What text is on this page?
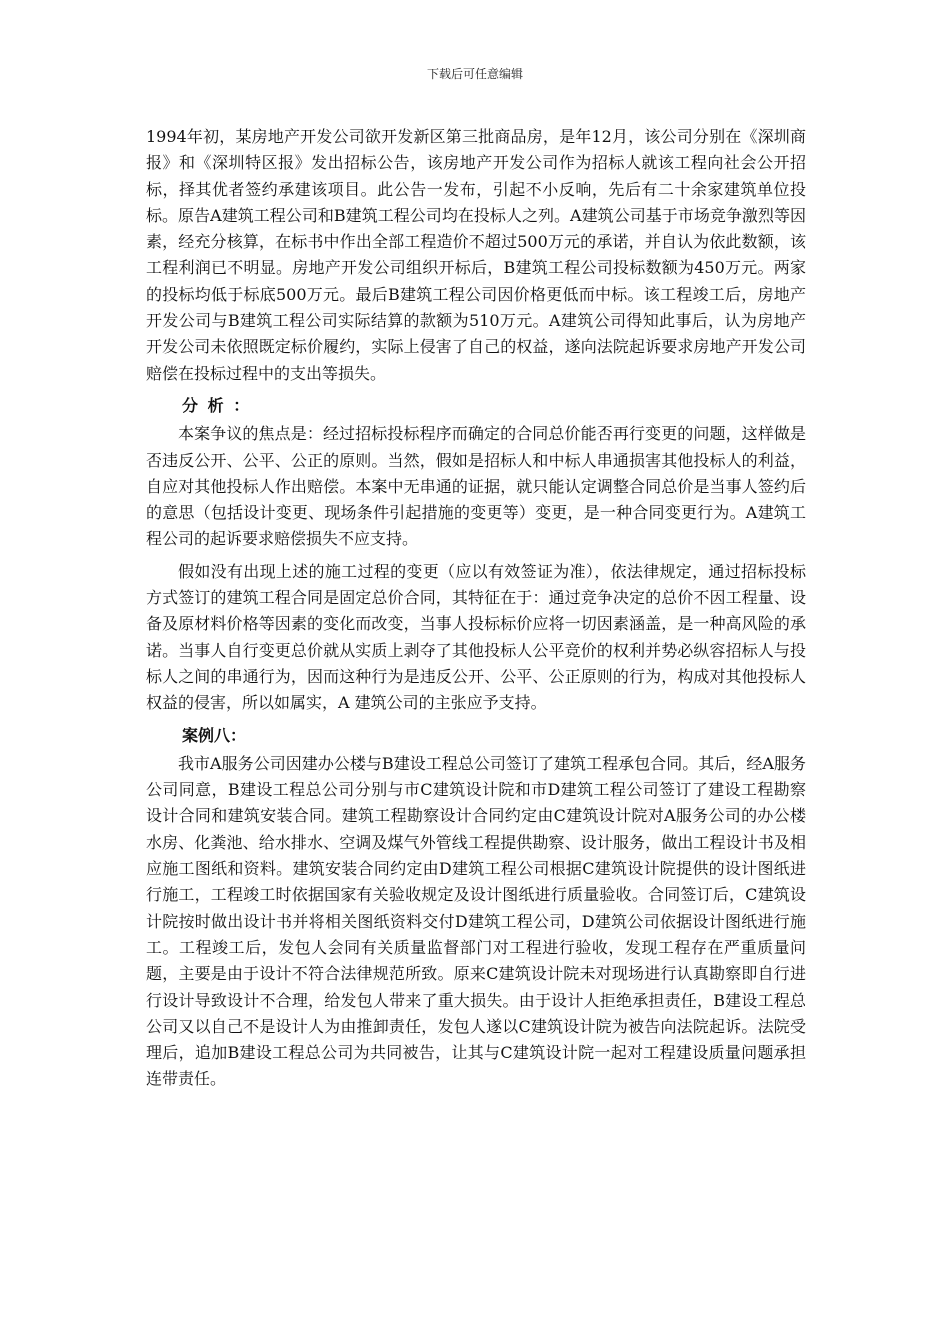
下载后可任意编辑

1994年初，某房地产开发公司欲开发新区第三批商品房，是年12月，该公司分别在《深圳商报》和《深圳特区报》发出招标公告，该房地产开发公司作为招标人就该工程向社会公开招标，择其优者签约承建该项目。此公告一发布，引起不小反响，先后有二十余家建筑单位投标。原告A建筑工程公司和B建筑工程公司均在投标人之列。A建筑公司基于市场竞争激烈等因素，经充分核算，在标书中作出全部工程造价不超过500万元的承诺，并自认为依此数额，该工程利润已不明显。房地产开发公司组织开标后，B建筑工程公司投标数额为450万元。两家的投标均低于标底500万元。最后B建筑工程公司因价格更低而中标。该工程竣工后，房地产开发公司与B建筑工程公司实际结算的款额为510万元。A建筑公司得知此事后，认为房地产开发公司未依照既定标价履约，实际上侵害了自己的权益，遂向法院起诉要求房地产开发公司赔偿在投标过程中的支出等损失。

分析：

本案争议的焦点是：经过招标投标程序而确定的合同总价能否再行变更的问题，这样做是否违反公开、公平、公正的原则。当然，假如是招标人和中标人串通损害其他投标人的利益，自应对其他投标人作出赔偿。本案中无串通的证据，就只能认定调整合同总价是当事人签约后的意思（包括设计变更、现场条件引起措施的变更等）变更，是一种合同变更行为。A建筑工程公司的起诉要求赔偿损失不应支持。

假如没有出现上述的施工过程的变更（应以有效签证为准），依法律规定，通过招标投标方式签订的建筑工程合同是固定总价合同，其特征在于：通过竞争决定的总价不因工程量、设备及原材料价格等因素的变化而改变，当事人投标标价应将一切因素涵盖，是一种高风险的承诺。当事人自行变更总价就从实质上剥夺了其他投标人公平竞价的权利并势必纵容招标人与投标人之间的串通行为，因而这种行为是违反公开、公平、公正原则的行为，构成对其他投标人权益的侵害，所以如属实，A 建筑公司的主张应予支持。

案例八：

我市A服务公司因建办公楼与B建设工程总公司签订了建筑工程承包合同。其后，经A服务公司同意，B建设工程总公司分别与市C建筑设计院和市D建筑工程公司签订了建设工程勘察设计合同和建筑安装合同。建筑工程勘察设计合同约定由C建筑设计院对A服务公司的办公楼水房、化粪池、给水排水、空调及煤气外管线工程提供勘察、设计服务，做出工程设计书及相应施工图纸和资料。建筑安装合同约定由D建筑工程公司根据C建筑设计院提供的设计图纸进行施工，工程竣工时依据国家有关验收规定及设计图纸进行质量验收。合同签订后，C建筑设计院按时做出设计书并将相关图纸资料交付D建筑工程公司，D建筑公司依据设计图纸进行施工。工程竣工后，发包人会同有关质量监督部门对工程进行验收，发现工程存在严重质量问题，主要是由于设计不符合法律规范所致。原来C建筑设计院未对现场进行认真勘察即自行进行设计导致设计不合理，给发包人带来了重大损失。由于设计人拒绝承担责任，B建设工程总公司又以自己不是设计人为由推卸责任，发包人遂以C建筑设计院为被告向法院起诉。法院受理后，追加B建设工程总公司为共同被告，让其与C建筑设计院一起对工程建设质量问题承担连带责任。
